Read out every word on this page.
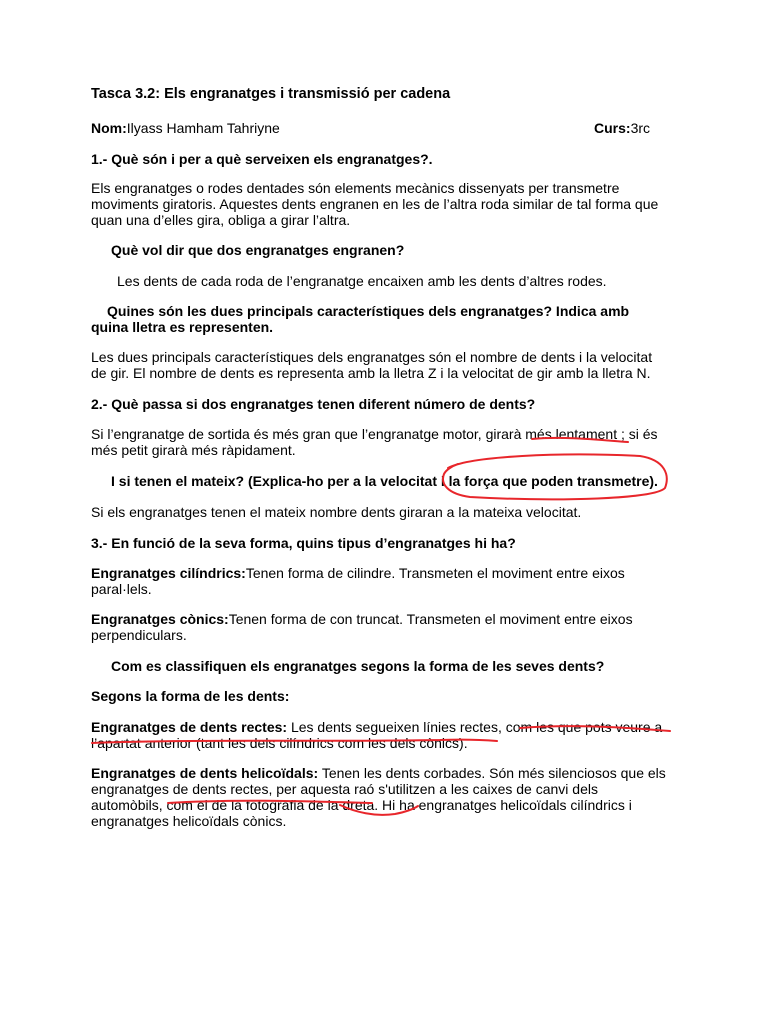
Tasca 3.2: Els engranatges i transmissió per cadena
Nom:Ilyass Hamham Tahriyne	Curs:3rc
1.- Què són i per a què serveixen els engranatges?.
Els engranatges o rodes dentades són elements mecànics dissenyats per transmetre
moviments giratoris. Aquestes dents engranen en les de l’altra roda similar de tal forma que
quan una d’elles gira, obliga a girar l’altra.
Què vol dir que dos engranatges engranen?
Les dents de cada roda de l’engranatge encaixen amb les dents d’altres rodes.
Quines són les dues principals característiques dels engranatges? Indica amb
quina lletra es representen.
Les dues principals característiques dels engranatges són el nombre de dents i la velocitat
de gir. El nombre de dents es representa amb la lletra Z i la velocitat de gir amb la lletra N.
2.- Què passa si dos engranatges tenen diferent número de dents?
Si l’engranatge de sortida és més gran que l’engranatge motor, girarà més lentament ; si és
més petit girarà més ràpidament.
I si tenen el mateix? (Explica-ho per a la velocitat i la força que poden transmetre).
Si els engranatges tenen el mateix nombre dents giraran a la mateixa velocitat.
3.- En funció de la seva forma, quins tipus d’engranatges hi ha?
Engranatges cilíndrics:Tenen forma de cilindre. Transmeten el moviment entre eixos
paral·lels.
Engranatges cònics:Tenen forma de con truncat. Transmeten el moviment entre eixos
perpendiculars.
Com es classifiquen els engranatges segons la forma de les seves dents?
Segons la forma de les dents:
Engranatges de dents rectes: Les dents segueixen línies rectes, com les que pots veure a
l’apartat anterior (tant les dels cilíndrics com les dels cònics).
Engranatges de dents helicoïdals: Tenen les dents corbades. Són més silenciosos que els
engranatges de dents rectes, per aquesta raó s'utilitzen a les caixes de canvi dels
automòbils, com el de la fotografia de la dreta. Hi ha engranatges helicoïdals cilíndrics i
engranatges helicoïdals cònics.
